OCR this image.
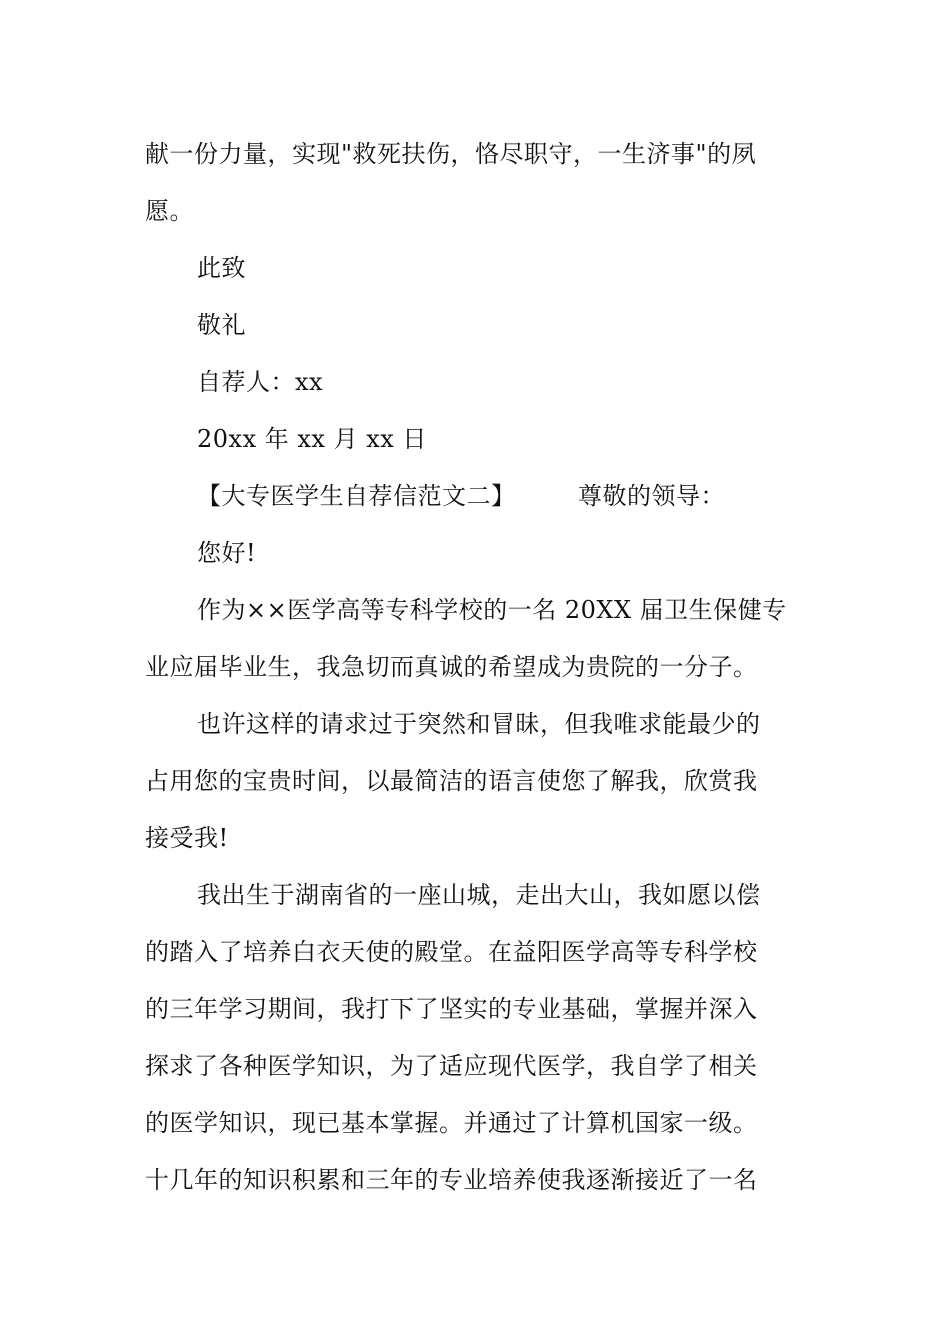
献一份力量，实现"救死扶伤，恪尽职守，一生济事"的夙
愿。
此致
敬礼
自荐人：xx
20xx 年 xx 月 xx 日
【大专医学生自荐信范文二】	尊敬的领导：
您好!
作为××医学高等专科学校的一名 20XX 届卫生保健专
业应届毕业生，我急切而真诚的希望成为贵院的一分子。
也许这样的请求过于突然和冒昧，但我唯求能最少的
占用您的宝贵时间，以最简洁的语言使您了解我，欣赏我
接受我!
我出生于湖南省的一座山城，走出大山，我如愿以偿
的踏入了培养白衣天使的殿堂。在益阳医学高等专科学校
的三年学习期间，我打下了坚实的专业基础，掌握并深入
探求了各种医学知识，为了适应现代医学，我自学了相关
的医学知识，现已基本掌握。并通过了计算机国家一级。
十几年的知识积累和三年的专业培养使我逐渐接近了一名
